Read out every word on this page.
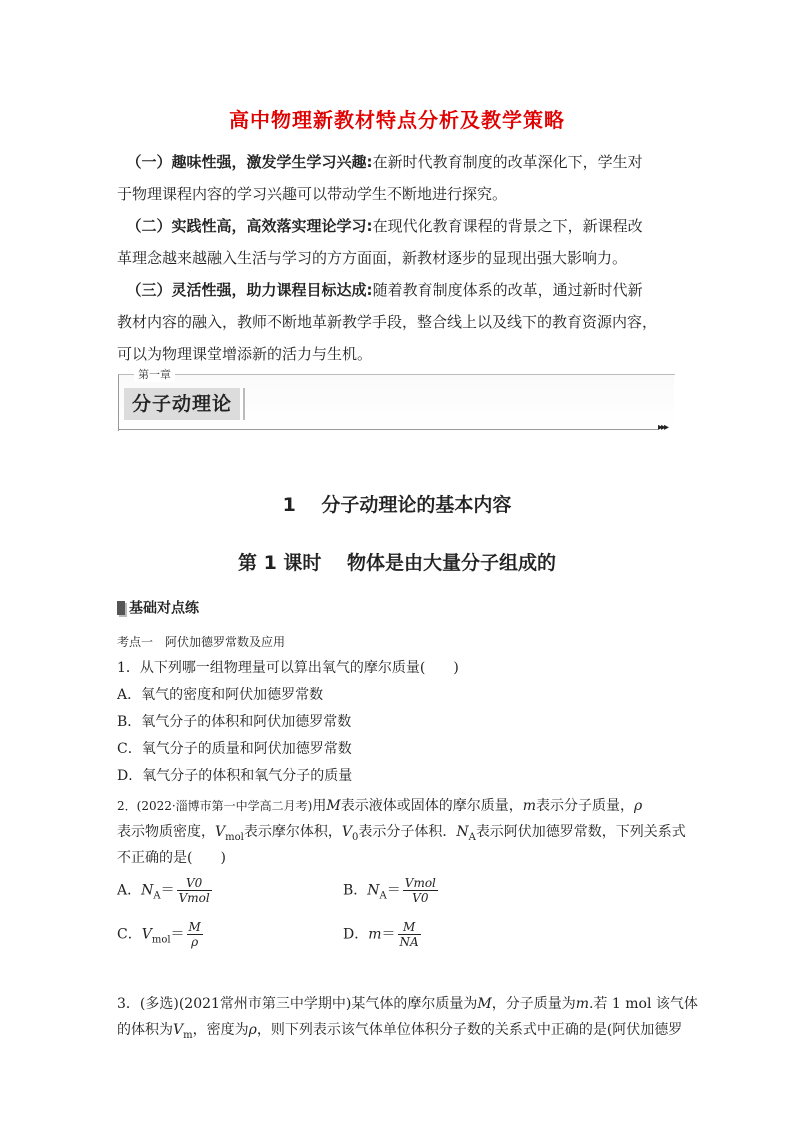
高中物理新教材特点分析及教学策略
（一）趣味性强，激发学生学习兴趣:在新时代教育制度的改革深化下，学生对
于物理课程内容的学习兴趣可以带动学生不断地进行探究。
（二）实践性高，高效落实理论学习:在现代化教育课程的背景之下，新课程改
革理念越来越融入生活与学习的方方面面，新教材逐步的显现出强大影响力。
（三）灵活性强，助力课程目标达成:随着教育制度体系的改革，通过新时代新
教材内容的融入，教师不断地革新教学手段，整合线上以及线下的教育资源内容，
可以为物理课堂增添新的活力与生机。
第一章
分子动理论
▸▸▸
1　 分子动理论的基本内容
第 1 课时　 物体是由大量分子组成的
基础对点练
考点一　阿伏加德罗常数及应用
1．从下列哪一组物理量可以算出氧气的摩尔质量(　　)
A．氧气的密度和阿伏加德罗常数
B．氧气分子的体积和阿伏加德罗常数
C．氧气分子的质量和阿伏加德罗常数
D．氧气分子的体积和氧气分子的质量
2．(2022·淄博市第一中学高二月考)用M表示液体或固体的摩尔质量，m表示分子质量，ρ
表示物质密度，$V_{mol}$表示摩尔体积，$V_0$表示分子体积．$N_A$表示阿伏加德罗常数，下列关系式
不正确的是(　　)
A．$N_A= \frac{V0}{\text{Vmol}}$	B．$N_A= \frac{\text{Vmol}}{V0}$
C．$V_{mol}= \frac{M}{\rho}$	D．$m= \frac{M}{NA}$
3．(多选)(2021常州市第三中学期中)某气体的摩尔质量为M，分子质量为m.若 1 mol 该气体
的体积为$V_m$，密度为ρ，则下列表示该气体单位体积分子数的关系式中正确的是(阿伏加德罗
